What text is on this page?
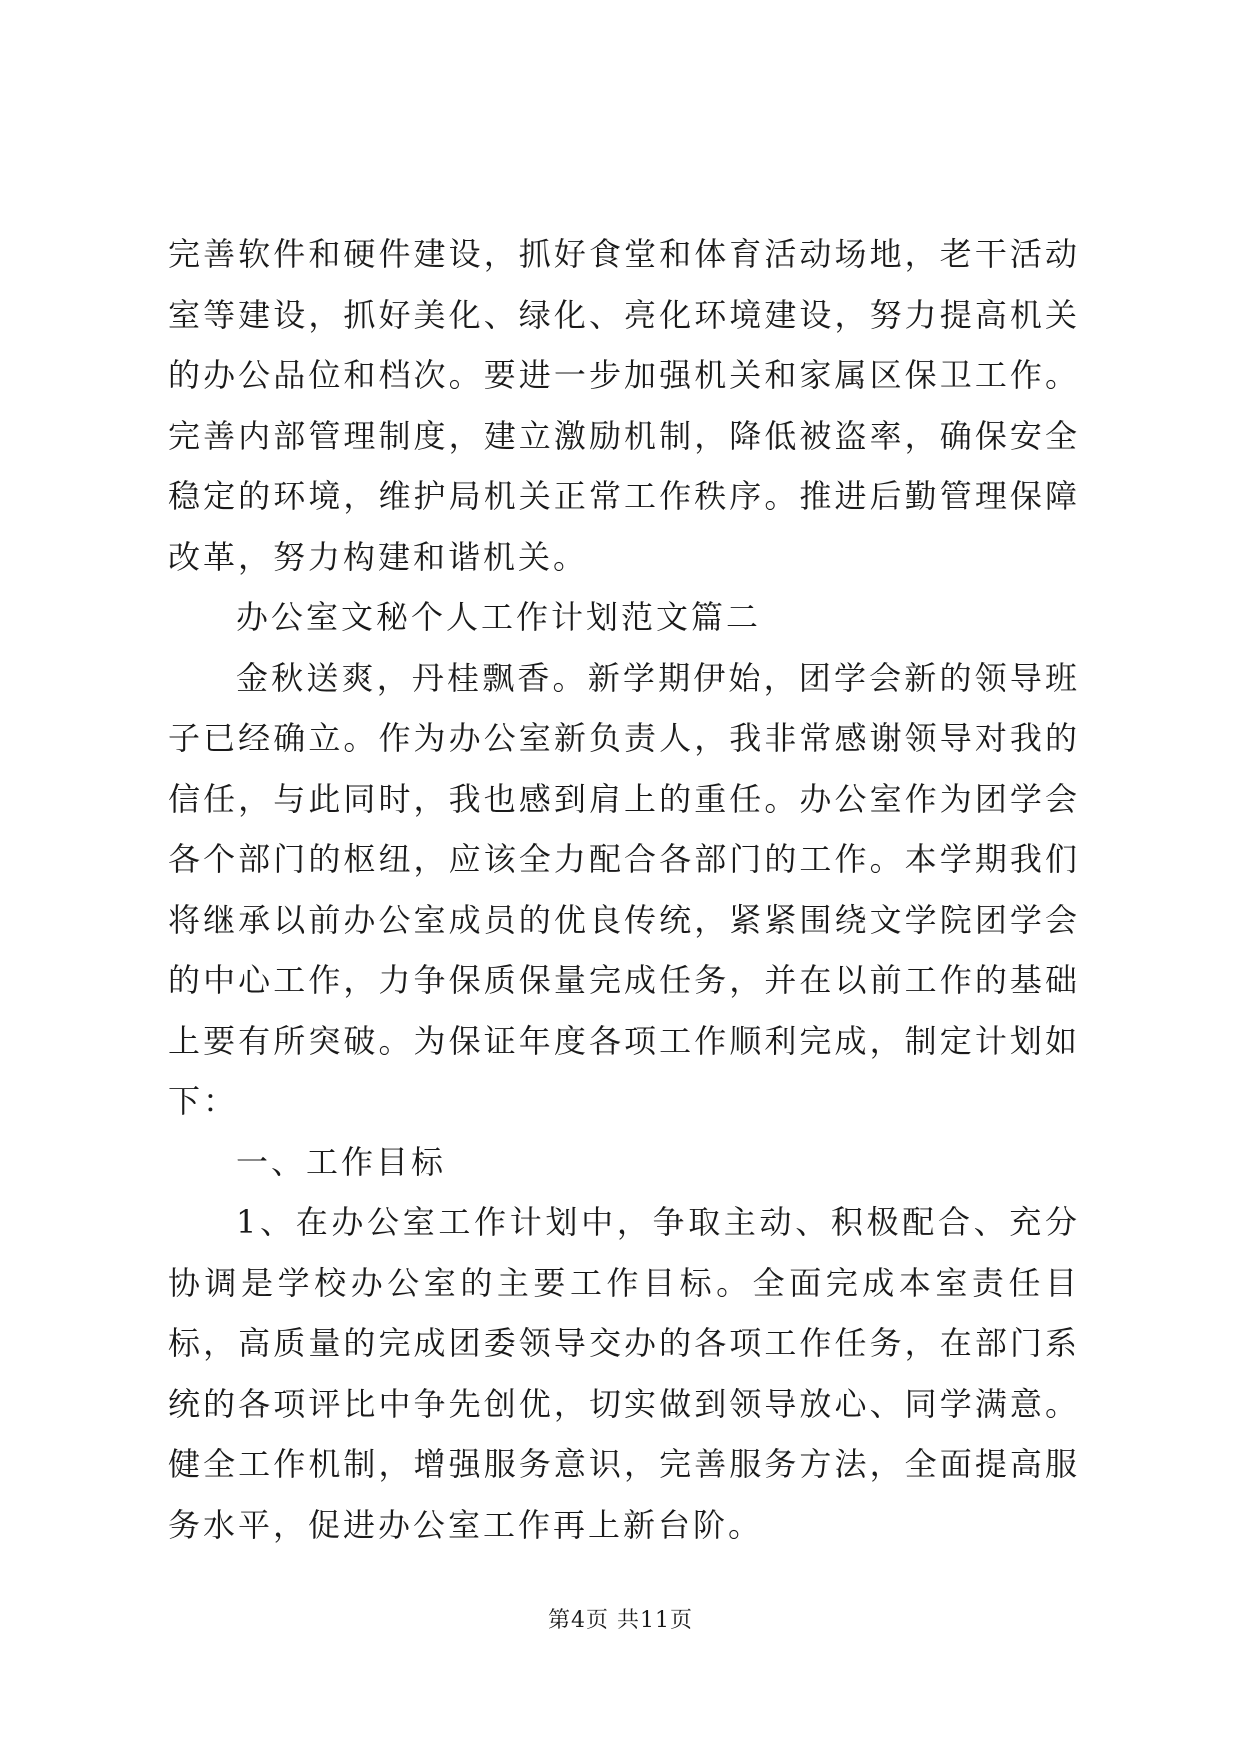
完善软件和硬件建设，抓好食堂和体育活动场地，老干活动室等建设，抓好美化、绿化、亮化环境建设，努力提高机关的办公品位和档次。要进一步加强机关和家属区保卫工作。完善内部管理制度，建立激励机制，降低被盗率，确保安全稳定的环境，维护局机关正常工作秩序。推进后勤管理保障改革，努力构建和谐机关。

办公室文秘个人工作计划范文篇二

金秋送爽，丹桂飘香。新学期伊始，团学会新的领导班子已经确立。作为办公室新负责人，我非常感谢领导对我的信任，与此同时，我也感到肩上的重任。办公室作为团学会各个部门的枢纽，应该全力配合各部门的工作。本学期我们将继承以前办公室成员的优良传统，紧紧围绕文学院团学会的中心工作，力争保质保量完成任务，并在以前工作的基础上要有所突破。为保证年度各项工作顺利完成，制定计划如下：

一、工作目标

1、在办公室工作计划中，争取主动、积极配合、充分协调是学校办公室的主要工作目标。全面完成本室责任目标，高质量的完成团委领导交办的各项工作任务，在部门系统的各项评比中争先创优，切实做到领导放心、同学满意。健全工作机制，增强服务意识，完善服务方法，全面提高服务水平，促进办公室工作再上新台阶。

第4页 共11页
